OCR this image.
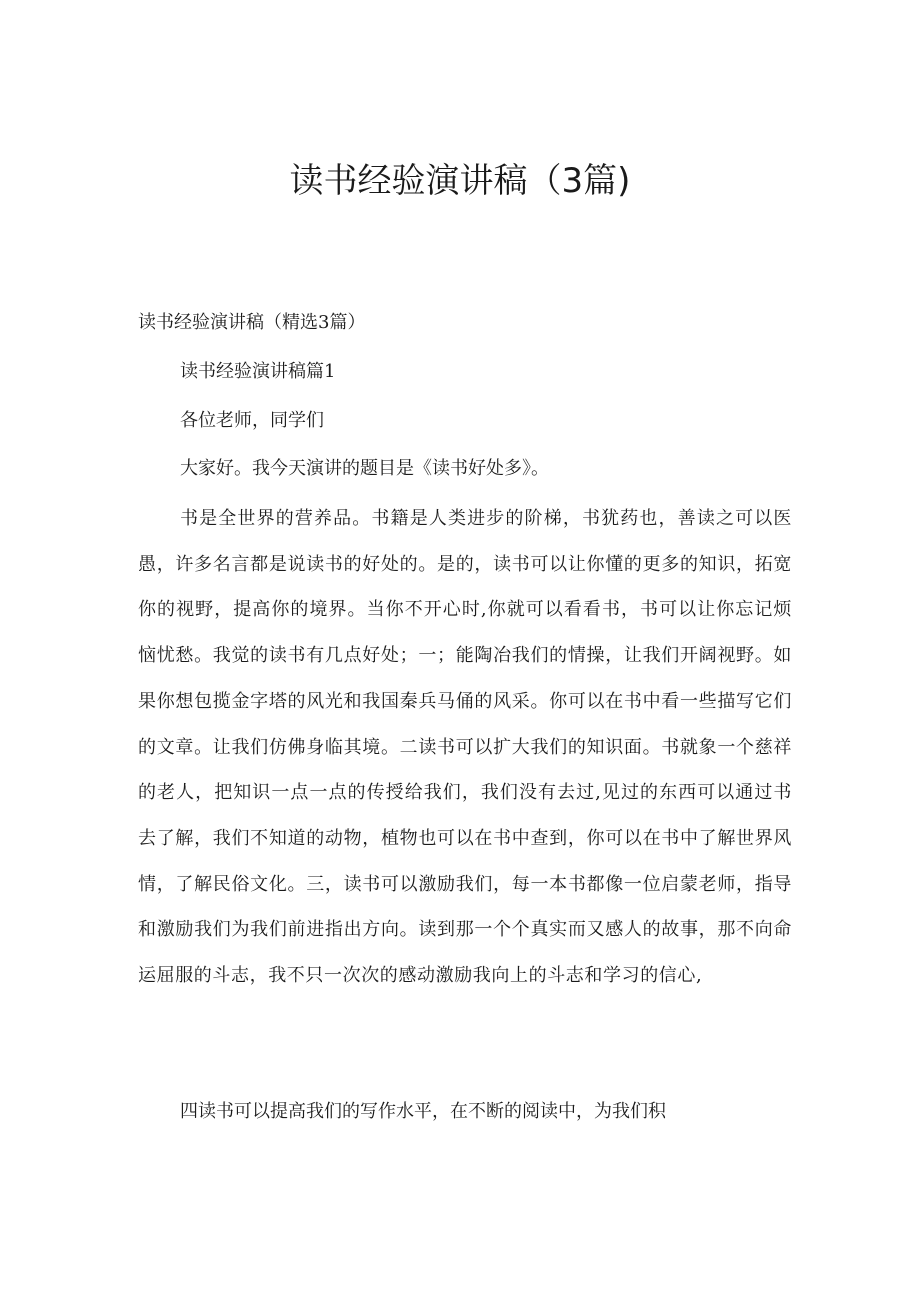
读书经验演讲稿（3篇)

读书经验演讲稿（精选3篇）

读书经验演讲稿篇1

各位老师，同学们

大家好。我今天演讲的题目是《读书好处多》。

书是全世界的营养品。书籍是人类进步的阶梯，书犹药也，善读之可以医愚，许多名言都是说读书的好处的。是的，读书可以让你懂的更多的知识，拓宽你的视野，提高你的境界。当你不开心时,你就可以看看书，书可以让你忘记烦恼忧愁。我觉的读书有几点好处；一；能陶冶我们的情操，让我们开阔视野。如果你想包揽金字塔的风光和我国秦兵马俑的风采。你可以在书中看一些描写它们的文章。让我们仿佛身临其境。二读书可以扩大我们的知识面。书就象一个慈祥的老人，把知识一点一点的传授给我们，我们没有去过,见过的东西可以通过书去了解，我们不知道的动物，植物也可以在书中查到，你可以在书中了解世界风情，了解民俗文化。三，读书可以激励我们，每一本书都像一位启蒙老师，指导和激励我们为我们前进指出方向。读到那一个个真实而又感人的故事，那不向命运屈服的斗志，我不只一次次的感动激励我向上的斗志和学习的信心,

四读书可以提高我们的写作水平，在不断的阅读中，为我们积
